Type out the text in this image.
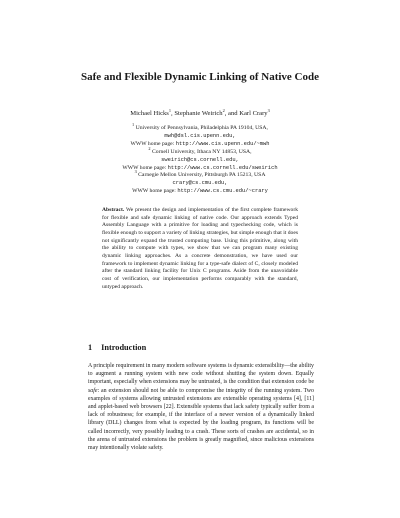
Safe and Flexible Dynamic Linking of Native Code
Michael Hicks$^1$, Stephanie Weirich$^2$, and Karl Crary$^3$
$^1$ University of Pennsylvania, Philadelphia PA 19104, USA,
mwh@dsl.cis.upenn.edu,
WWW home page: http://www.cis.upenn.edu/~mwh
$^2$ Cornell University, Ithaca NY 14853, USA,
sweirich@cs.cornell.edu,
WWW home page: http://www.cs.cornell.edu/sweirich
$^3$ Carnegie Mellon University, Pittsburgh PA 15213, USA
crary@cs.cmu.edu,
WWW home page: http://www.cs.cmu.edu/~crary
Abstract. We present the design and implementation of the first complete framework for flexible and safe dynamic linking of native code. Our approach extends Typed Assembly Language with a primitive for loading and typechecking code, which is flexible enough to support a variety of linking strategies, but simple enough that it does not significantly expand the trusted computing base. Using this primitive, along with the ability to compute with types, we show that we can program many existing dynamic linking approaches. As a concrete demonstration, we have used our framework to implement dynamic linking for a type-safe dialect of C, closely modeled after the standard linking facility for Unix C programs. Aside from the unavoidable cost of verification, our implementation performs comparably with the standard, untyped approach.
1 Introduction

A principle requirement in many modern software systems is dynamic extensibility—the ability to augment a running system with new code without shutting the system down. Equally important, especially when extensions may be untrusted, is the condition that extension code be safe: an extension should not be able to compromise the integrity of the running system. Two examples of systems allowing untrusted extensions are extensible operating systems [4], [11] and applet-based web browsers [22]. Extensible systems that lack safety typically suffer from a lack of robustness; for example, if the interface of a newer version of a dynamically linked library (DLL) changes from what is expected by the loading program, its functions will be called incorrectly, very possibly leading to a crash. These sorts of crashes are accidental, so in the arena of untrusted extensions the problem is greatly magnified, since malicious extensions may intentionally violate safety.
